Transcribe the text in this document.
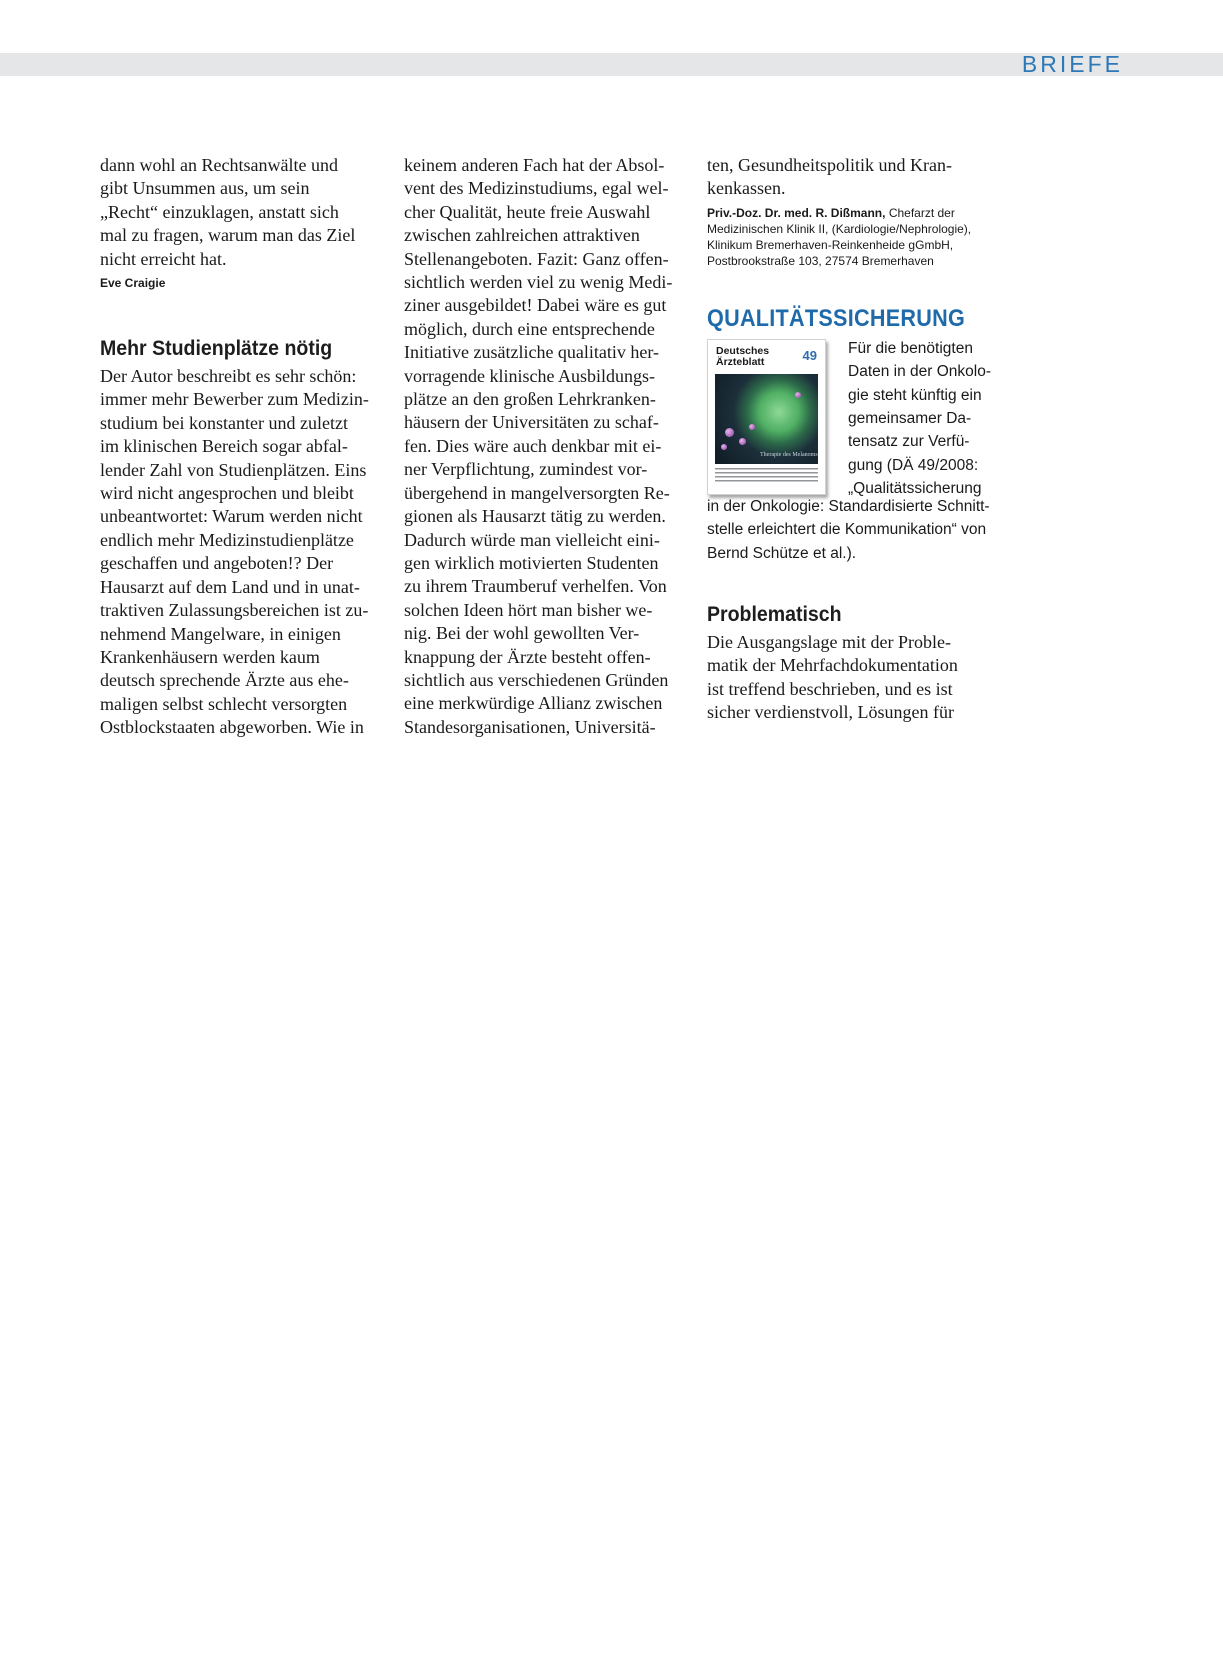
BRIEFE

dann wohl an Rechtsanwälte und
gibt Unsummen aus, um sein
„Recht“ einzuklagen, anstatt sich
mal zu fragen, warum man das Ziel
nicht erreicht hat.

Eve Craigie
Mehr Studienplätze nötig

Der Autor beschreibt es sehr schön:
immer mehr Bewerber zum Medizin-
studium bei konstanter und zuletzt
im klinischen Bereich sogar abfal-
lender Zahl von Studienplätzen. Eins
wird nicht angesprochen und bleibt
unbeantwortet: Warum werden nicht
endlich mehr Medizinstudienplätze
geschaffen und angeboten!? Der
Hausarzt auf dem Land und in unat-
traktiven Zulassungsbereichen ist zu-
nehmend Mangelware, in einigen
Krankenhäusern werden kaum
deutsch sprechende Ärzte aus ehe-
maligen selbst schlecht versorgten
Ostblockstaaten abgeworben. Wie in

keinem anderen Fach hat der Absol-
vent des Medizinstudiums, egal wel-
cher Qualität, heute freie Auswahl
zwischen zahlreichen attraktiven
Stellenangeboten. Fazit: Ganz offen-
sichtlich werden viel zu wenig Medi-
ziner ausgebildet! Dabei wäre es gut
möglich, durch eine entsprechende
Initiative zusätzliche qualitativ her-
vorragende klinische Ausbildungs-
plätze an den großen Lehrkranken-
häusern der Universitäten zu schaf-
fen. Dies wäre auch denkbar mit ei-
ner Verpflichtung, zumindest vor-
übergehend in mangelversorgten Re-
gionen als Hausarzt tätig zu werden.
Dadurch würde man vielleicht eini-
gen wirklich motivierten Studenten
zu ihrem Traumberuf verhelfen. Von
solchen Ideen hört man bisher we-
nig. Bei der wohl gewollten Ver-
knappung der Ärzte besteht offen-
sichtlich aus verschiedenen Gründen
eine merkwürdige Allianz zwischen
Standesorganisationen, Universitä-

ten, Gesundheitspolitik und Kran-
kenkassen.

Priv.-Doz. Dr. med. R. Dißmann, Chefarzt der
Medizinischen Klinik II, (Kardiologie/Nephrologie),
Klinikum Bremerhaven-Reinkenheide gGmbH,
Postbrookstraße 103, 27574 Bremerhaven
QUALITÄTSSICHERUNG
Deutsches
Ärzteblatt	49
Therapie des Melanoms
Für die benötigten
Daten in der Onkolo-
gie steht künftig ein
gemeinsamer Da-
tensatz zur Verfü-
gung (DÄ 49/2008:
„Qualitätssicherung
in der Onkologie: Standardisierte Schnitt-
stelle erleichtert die Kommunikation“ von
Bernd Schütze et al.).
Problematisch

Die Ausgangslage mit der Proble-
matik der Mehrfachdokumentation
ist treffend beschrieben, und es ist
sicher verdienstvoll, Lösungen für
